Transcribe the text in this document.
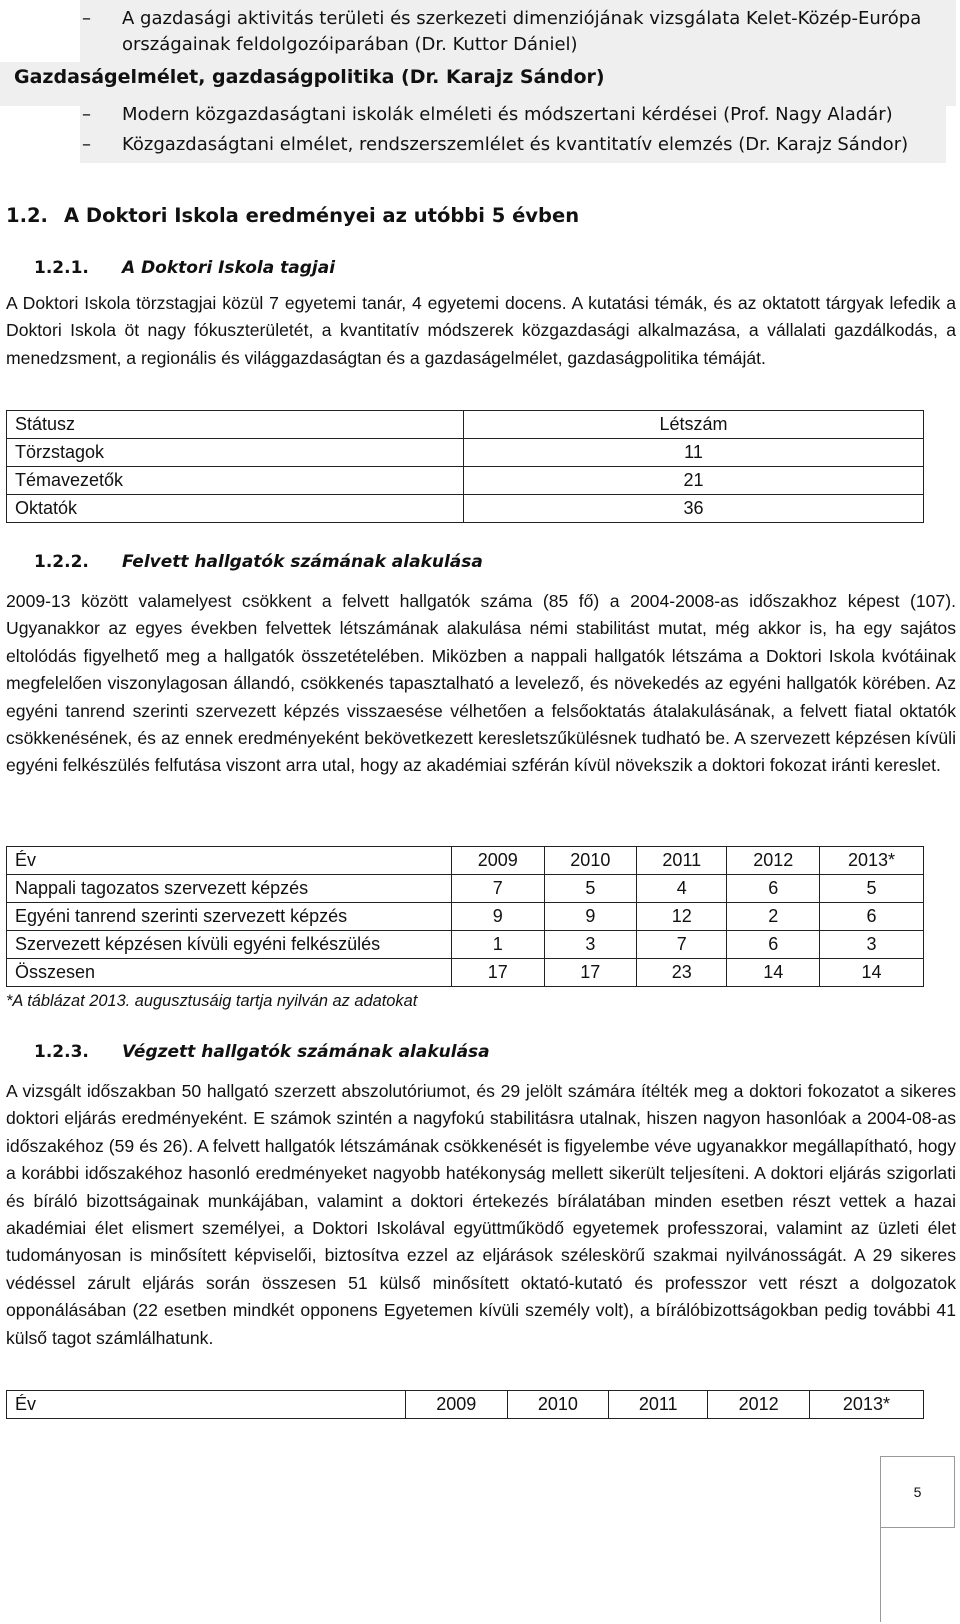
–	A gazdasági aktivitás területi és szerkezeti dimenziójának vizsgálata Kelet-Közép-Európa országainak feldolgozóiparában (Dr. Kuttor Dániel)
Gazdaságelmélet, gazdaságpolitika (Dr. Karajz Sándor)
–	Modern közgazdaságtani iskolák elméleti és módszertani kérdései (Prof. Nagy Aladár)
–	Közgazdaságtani elmélet, rendszerszemlélet és kvantitatív elemzés (Dr. Karajz Sándor)
1.2. A Doktori Iskola eredményei az utóbbi 5 évben
1.2.1. A Doktori Iskola tagjai
A Doktori Iskola törzstagjai közül 7 egyetemi tanár, 4 egyetemi docens. A kutatási témák, és az oktatott tárgyak lefedik a Doktori Iskola öt nagy fókuszterületét, a kvantitatív módszerek közgazdasági alkalmazása, a vállalati gazdálkodás, a menedzsment, a regionális és világgazdaságtan és a gazdaságelmélet, gazdaságpolitika témáját.
Státusz	Létszám
Törzstagok	11
Témavezetők	21
Oktatók	36
1.2.2. Felvett hallgatók számának alakulása
2009-13 között valamelyest csökkent a felvett hallgatók száma (85 fő) a 2004-2008-as időszakhoz képest (107). Ugyanakkor az egyes években felvettek létszámának alakulása némi stabilitást mutat, még akkor is, ha egy sajátos eltolódás figyelhető meg a hallgatók összetételében. Miközben a nappali hallgatók létszáma a Doktori Iskola kvótáinak megfelelően viszonylagosan állandó, csökkenés tapasztalható a levelező, és növekedés az egyéni hallgatók körében. Az egyéni tanrend szerinti szervezett képzés visszaesése vélhetően a felsőoktatás átalakulásának, a felvett fiatal oktatók csökkenésének, és az ennek eredményeként bekövetkezett keresletszűkülésnek tudható be. A szervezett képzésen kívüli egyéni felkészülés felfutása viszont arra utal, hogy az akadémiai szférán kívül növekszik a doktori fokozat iránti kereslet.
Év	2009	2010	2011	2012	2013*
Nappali tagozatos szervezett képzés	7	5	4	6	5
Egyéni tanrend szerinti szervezett képzés	9	9	12	2	6
Szervezett képzésen kívüli egyéni felkészülés	1	3	7	6	3
Összesen	17	17	23	14	14
*A táblázat 2013. augusztusáig tartja nyilván az adatokat
1.2.3. Végzett hallgatók számának alakulása
A vizsgált időszakban 50 hallgató szerzett abszolutóriumot, és 29 jelölt számára ítélték meg a doktori fokozatot a sikeres doktori eljárás eredményeként. E számok szintén a nagyfokú stabilitásra utalnak, hiszen nagyon hasonlóak a 2004-08-as időszakéhoz (59 és 26). A felvett hallgatók létszámának csökkenését is figyelembe véve ugyanakkor megállapítható, hogy a korábbi időszakéhoz hasonló eredményeket nagyobb hatékonyság mellett sikerült teljesíteni. A doktori eljárás szigorlati és bíráló bizottságainak munkájában, valamint a doktori értekezés bírálatában minden esetben részt vettek a hazai akadémiai élet elismert személyei, a Doktori Iskolával együttműködő egyetemek professzorai, valamint az üzleti élet tudományosan is minősített képviselői, biztosítva ezzel az eljárások széleskörű szakmai nyilvánosságát. A 29 sikeres védéssel zárult eljárás során összesen 51 külső minősített oktató-kutató és professzor vett részt a dolgozatok opponálásában (22 esetben mindkét opponens Egyetemen kívüli személy volt), a bírálóbizottságokban pedig további 41 külső tagot számlálhatunk.
Év	2009	2010	2011	2012	2013*
5
